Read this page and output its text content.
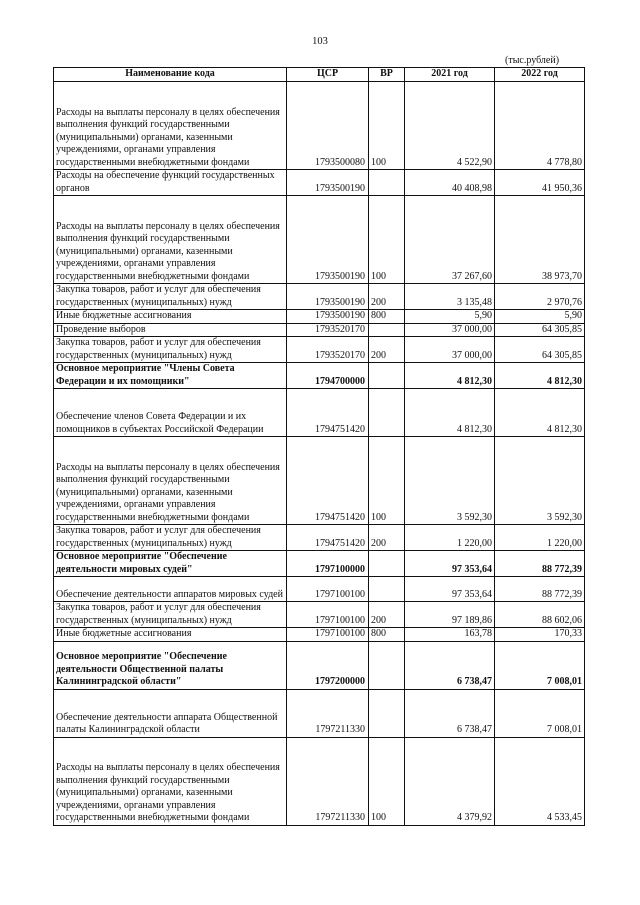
103
(тыс.рублей)
Наименование кода	ЦСР	ВР	2021 год	2022 год
Расходы на выплаты персоналу в целях обеспечения выполнения функций государственными (муниципальными) органами, казенными учреждениями, органами управления государственными внебюджетными фондами	1793500080	100	4 522,90	4 778,80
Расходы на обеспечение функций государственных органов	1793500190		40 408,98	41 950,36
Расходы на выплаты персоналу в целях обеспечения выполнения функций государственными (муниципальными) органами, казенными учреждениями, органами управления государственными внебюджетными фондами	1793500190	100	37 267,60	38 973,70
Закупка товаров, работ и услуг для обеспечения государственных (муниципальных) нужд	1793500190	200	3 135,48	2 970,76
Иные бюджетные ассигнования	1793500190	800	5,90	5,90
Проведение выборов	1793520170		37 000,00	64 305,85
Закупка товаров, работ и услуг для обеспечения государственных (муниципальных) нужд	1793520170	200	37 000,00	64 305,85
Основное мероприятие "Члены Совета Федерации и их помощники"	1794700000		4 812,30	4 812,30
Обеспечение членов Совета Федерации и их помощников в субъектах Российской Федерации	1794751420		4 812,30	4 812,30
Расходы на выплаты персоналу в целях обеспечения выполнения функций государственными (муниципальными) органами, казенными учреждениями, органами управления государственными внебюджетными фондами	1794751420	100	3 592,30	3 592,30
Закупка товаров, работ и услуг для обеспечения государственных (муниципальных) нужд	1794751420	200	1 220,00	1 220,00
Основное мероприятие "Обеспечение деятельности мировых судей"	1797100000		97 353,64	88 772,39
Обеспечение деятельности аппаратов мировых судей	1797100100		97 353,64	88 772,39
Закупка товаров, работ и услуг для обеспечения государственных (муниципальных) нужд	1797100100	200	97 189,86	88 602,06
Иные бюджетные ассигнования	1797100100	800	163,78	170,33
Основное мероприятие "Обеспечение деятельности Общественной палаты Калининградской области"	1797200000		6 738,47	7 008,01
Обеспечение деятельности аппарата Общественной палаты Калининградской области	1797211330		6 738,47	7 008,01
Расходы на выплаты персоналу в целях обеспечения выполнения функций государственными (муниципальными) органами, казенными учреждениями, органами управления государственными внебюджетными фондами	1797211330	100	4 379,92	4 533,45
